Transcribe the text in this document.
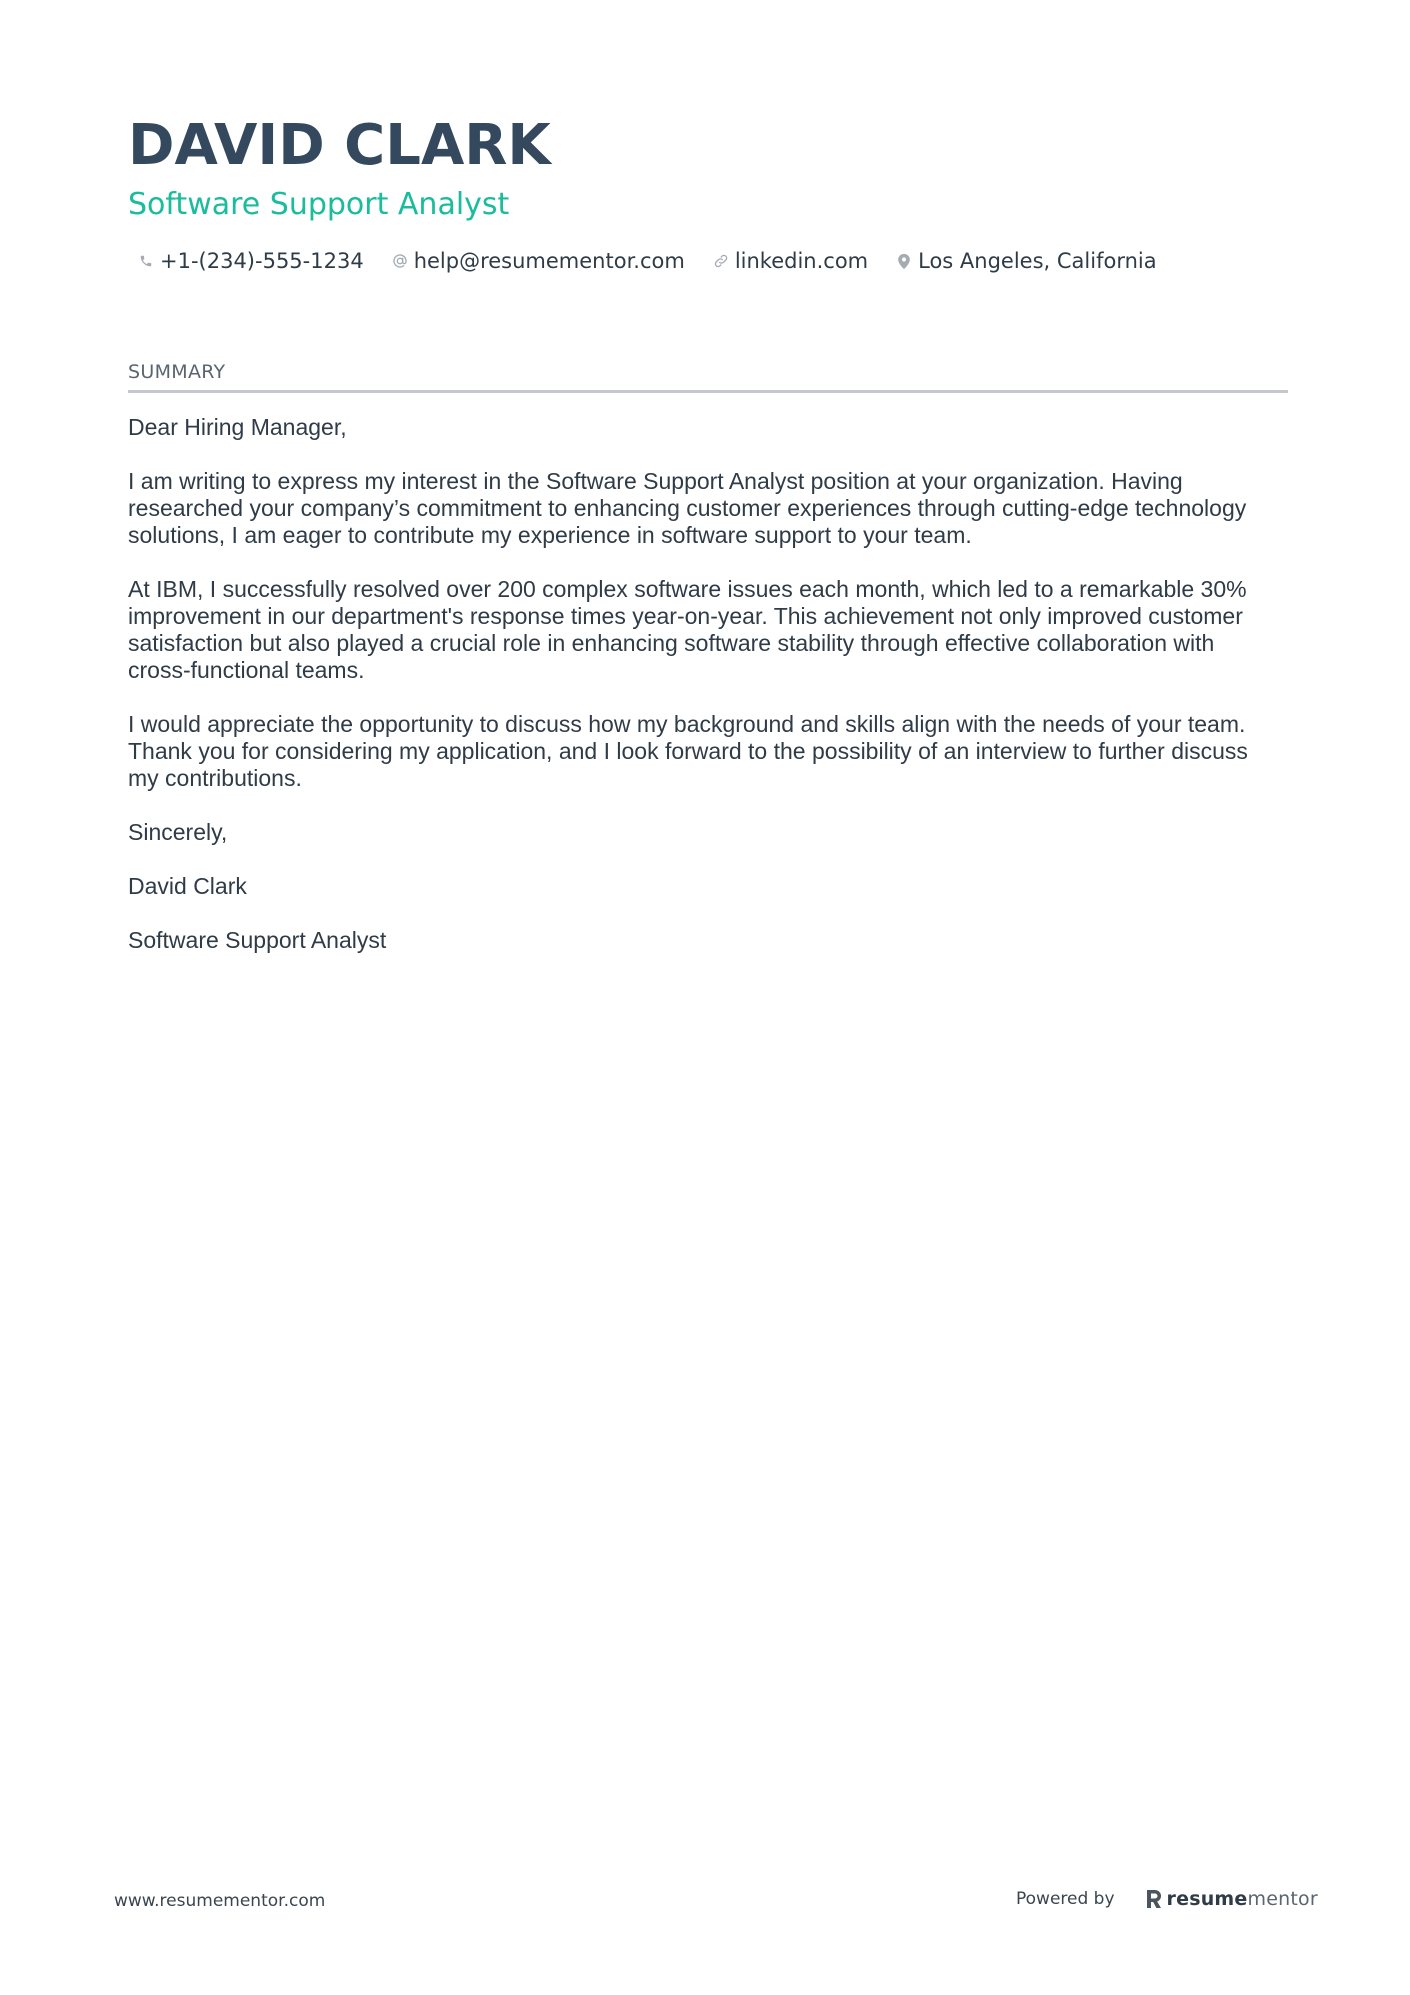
DAVID CLARK
Software Support Analyst
+1-(234)-555-1234 help@resumementor.com linkedin.com Los Angeles, California
SUMMARY

Dear Hiring Manager,

I am writing to express my interest in the Software Support Analyst position at your organization. Having researched your company’s commitment to enhancing customer experiences through cutting-edge technology solutions, I am eager to contribute my experience in software support to your team.

At IBM, I successfully resolved over 200 complex software issues each month, which led to a remarkable 30% improvement in our department's response times year-on-year. This achievement not only improved customer satisfaction but also played a crucial role in enhancing software stability through effective collaboration with cross-functional teams.

I would appreciate the opportunity to discuss how my background and skills align with the needs of your team. Thank you for considering my application, and I look forward to the possibility of an interview to further discuss my contributions.

Sincerely,

David Clark

Software Support Analyst

www.resumementor.com	Powered by	resumementor
